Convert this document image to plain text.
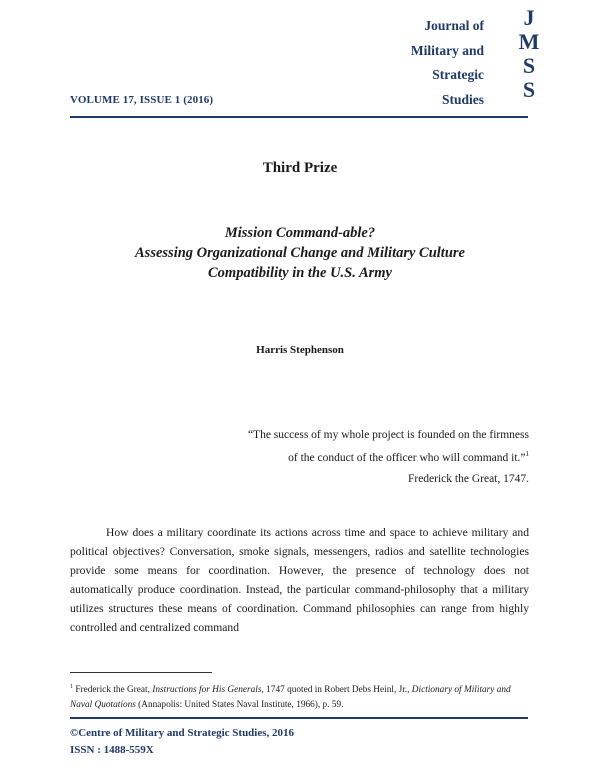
Journal of
Military and
Strategic
Studies
J
M
S
S
VOLUME 17, ISSUE 1 (2016)
Third Prize
Mission Command-able?
Assessing Organizational Change and Military Culture
Compatibility in the U.S. Army
Harris Stephenson
“The success of my whole project is founded on the firmness
of the conduct of the officer who will command it.”$^1$
Frederick the Great, 1747.

How does a military coordinate its actions across time and space to achieve military and political objectives? Conversation, smoke signals, messengers, radios and satellite technologies provide some means for coordination. However, the presence of technology does not automatically produce coordination. Instead, the particular command-philosophy that a military utilizes structures these means of coordination. Command philosophies can range from highly controlled and centralized command

$^1$ Frederick the Great, Instructions for His Generals, 1747 quoted in Robert Debs Heinl, Jr., Dictionary of Military and Naval Quotations (Annapolis: United States Naval Institute, 1966), p. 59.
©Centre of Military and Strategic Studies, 2016
ISSN : 1488-559X
